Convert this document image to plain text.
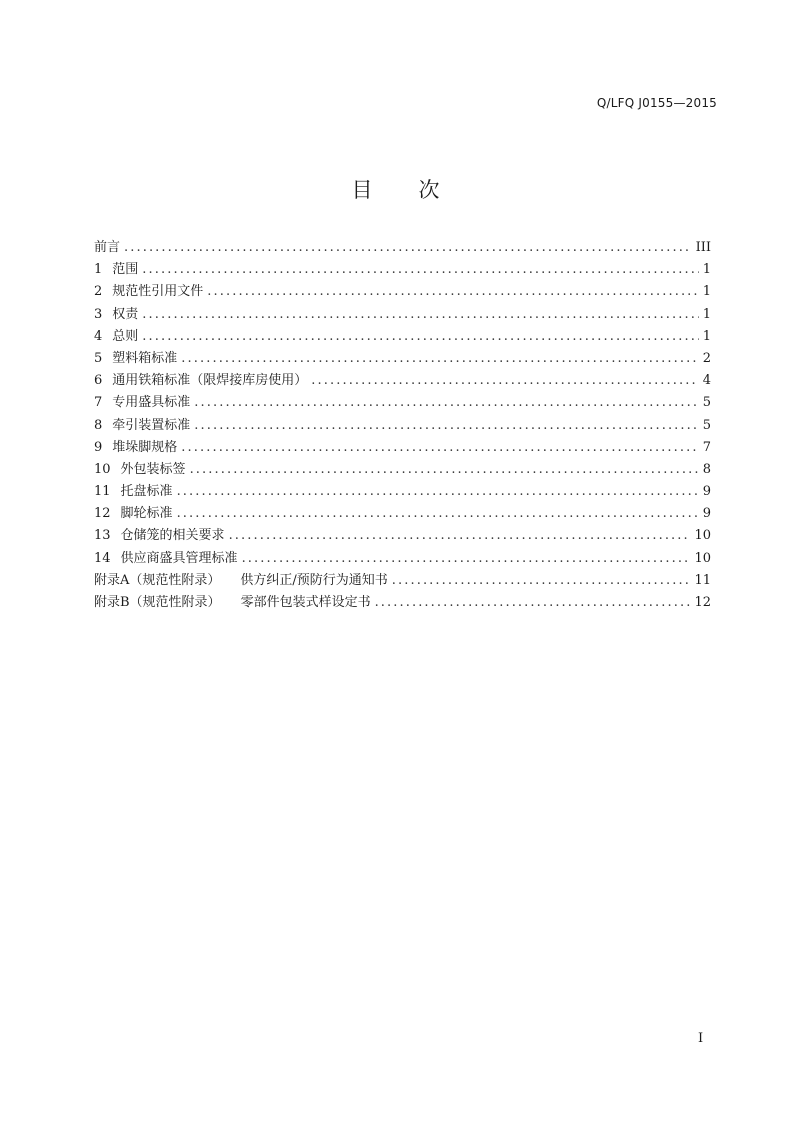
Q/LFQ J0155—2015
目 次
前言 .....	III
1 范围 .....	1
2 规范性引用文件 .....	1
3 权责 .....	1
4 总则 .....	1
5 塑料箱标准 .....	2
6 通用铁箱标准（限焊接库房使用） .....	4
7 专用盛具标准 .....	5
8 牵引装置标准 .....	5
9 堆垛脚规格 .....	7
10 外包装标签 .....	8
11 托盘标准 .....	9
12 脚轮标准 .....	9
13 仓储笼的相关要求 .....	10
14 供应商盛具管理标准 .....	10
附录A（规范性附录） 供方纠正/预防行为通知书 .....	11
附录B（规范性附录） 零部件包装式样设定书 .....	12
I
